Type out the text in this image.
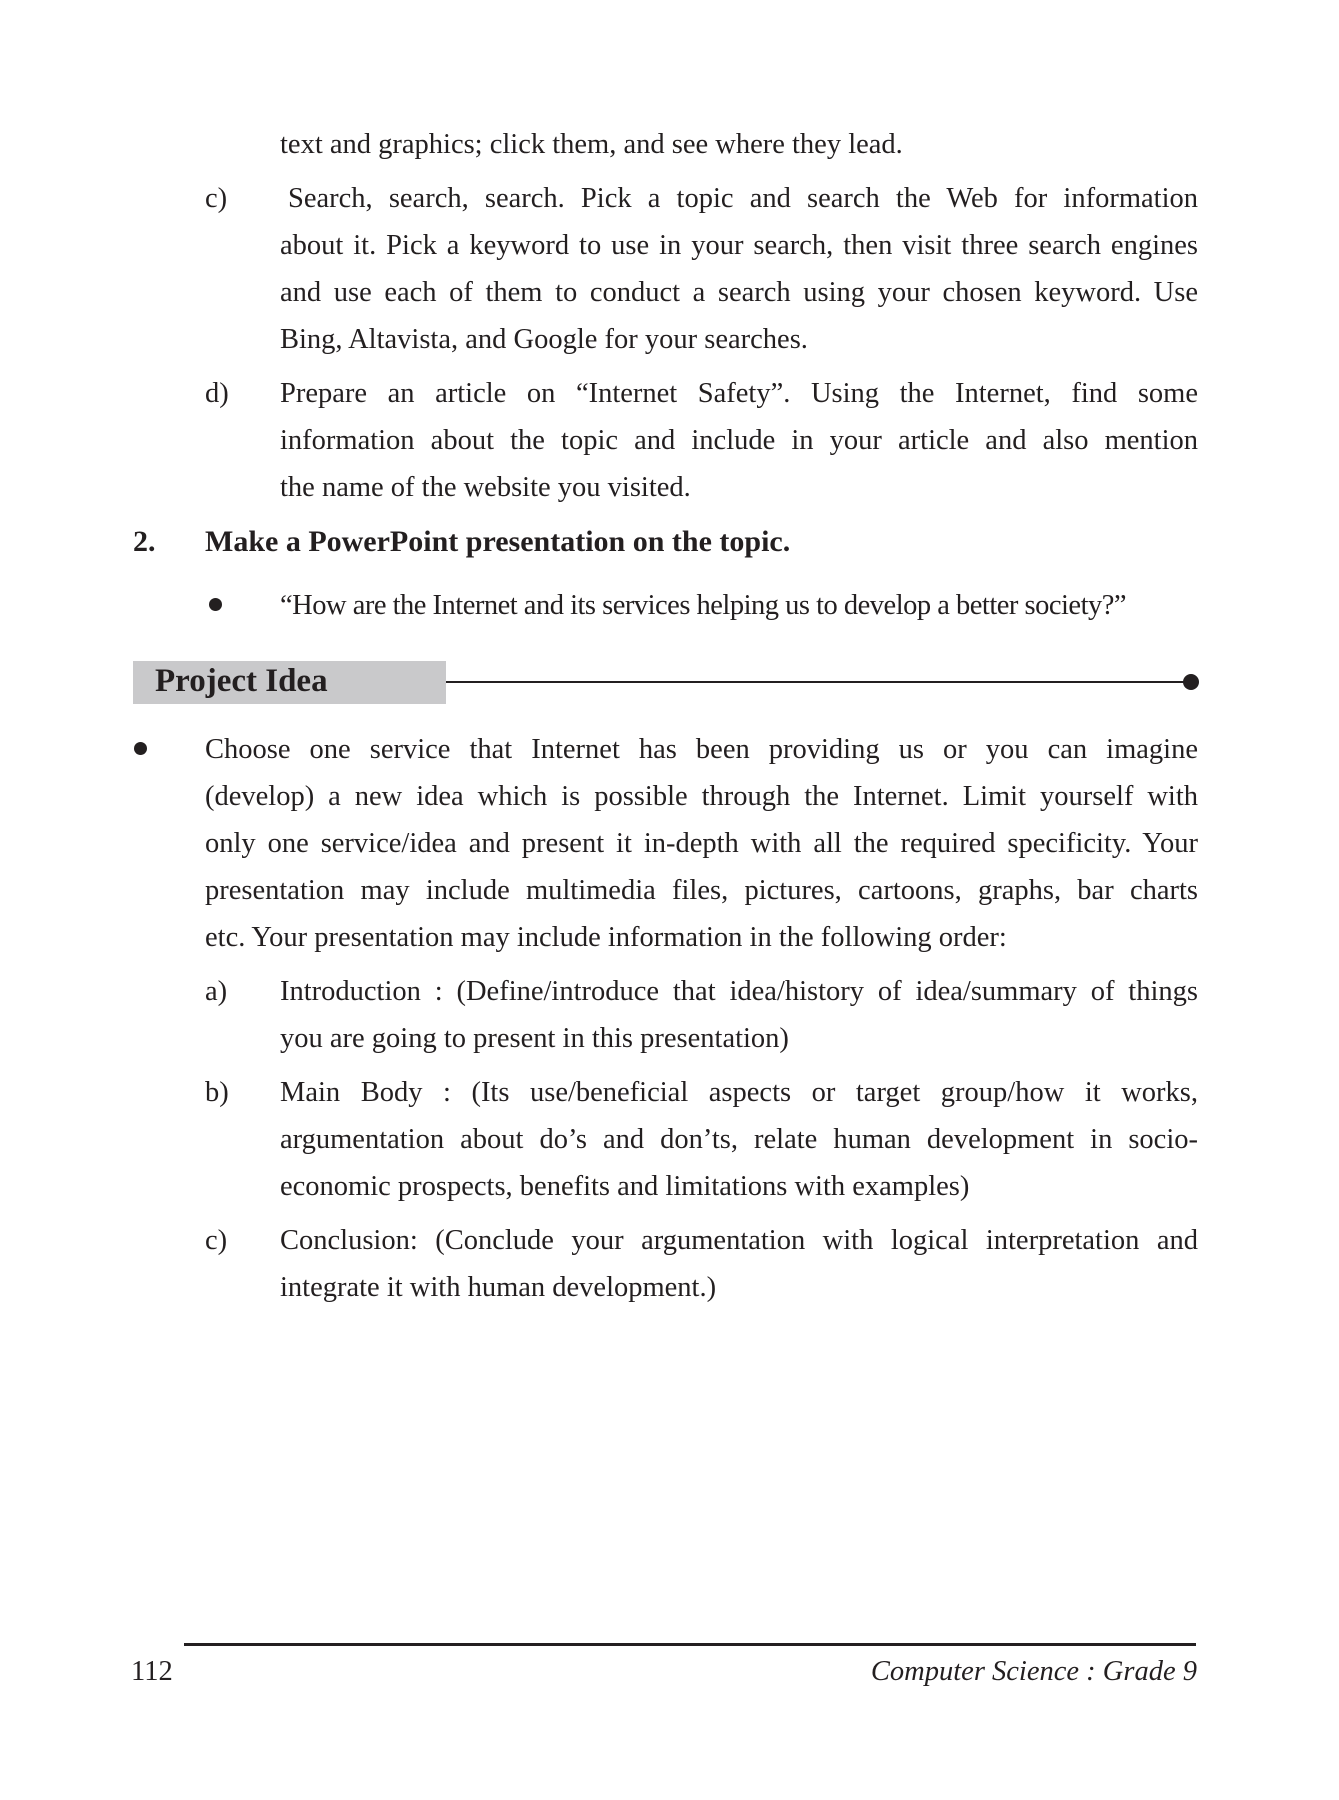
text and graphics; click them, and see where they lead.
c) Search, search, search. Pick a topic and search the Web for information
about it. Pick a keyword to use in your search, then visit three search engines
and use each of them to conduct a search using your chosen keyword. Use
Bing, Altavista, and Google for your searches.
d) Prepare an article on “Internet Safety”. Using the Internet, find some
information about the topic and include in your article and also mention
the name of the website you visited.
2. Make a PowerPoint presentation on the topic.
“How are the Internet and its services helping us to develop a better society?”
Project Idea
Choose one service that Internet has been providing us or you can imagine
(develop) a new idea which is possible through the Internet. Limit yourself with
only one service/idea and present it in-depth with all the required specificity. Your
presentation may include multimedia files, pictures, cartoons, graphs, bar charts
etc. Your presentation may include information in the following order:
a) Introduction : (Define/introduce that idea/history of idea/summary of things
you are going to present in this presentation)
b) Main Body : (Its use/beneficial aspects or target group/how it works,
argumentation about do’s and don’ts, relate human development in socio-
economic prospects, benefits and limitations with examples)
c) Conclusion: (Conclude your argumentation with logical interpretation and
integrate it with human development.)
112	Computer Science : Grade 9
